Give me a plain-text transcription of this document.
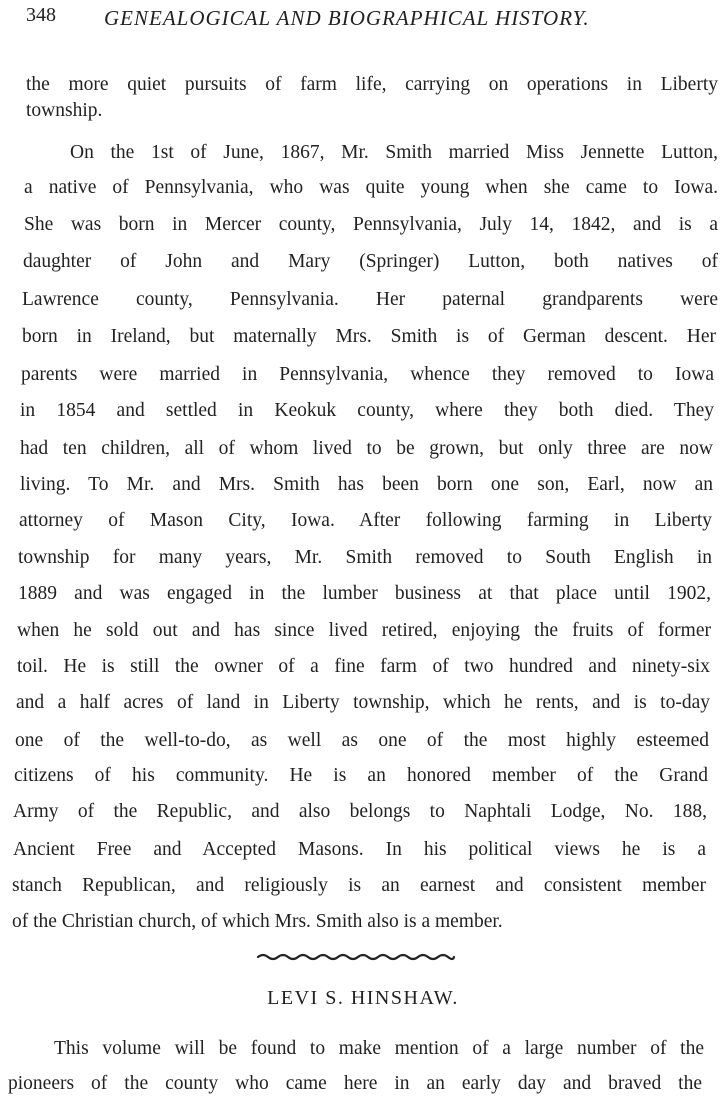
348 GENEALOGICAL AND BIOGRAPHICAL HISTORY.
the more quiet pursuits of farm life, carrying on operations in Liberty
township.
On the 1st of June, 1867, Mr. Smith married Miss Jennette Lutton,
a native of Pennsylvania, who was quite young when she came to Iowa.
She was born in Mercer county, Pennsylvania, July 14, 1842, and is a
daughter of John and Mary (Springer) Lutton, both natives of
Lawrence county, Pennsylvania. Her paternal grandparents were
born in Ireland, but maternally Mrs. Smith is of German descent. Her
parents were married in Pennsylvania, whence they removed to Iowa
in 1854 and settled in Keokuk county, where they both died. They
had ten children, all of whom lived to be grown, but only three are now
living. To Mr. and Mrs. Smith has been born one son, Earl, now an
attorney of Mason City, Iowa. After following farming in Liberty
township for many years, Mr. Smith removed to South English in
1889 and was engaged in the lumber business at that place until 1902,
when he sold out and has since lived retired, enjoying the fruits of former
toil. He is still the owner of a fine farm of two hundred and ninety-six
and a half acres of land in Liberty township, which he rents, and is to-day
one of the well-to-do, as well as one of the most highly esteemed
citizens of his community. He is an honored member of the Grand
Army of the Republic, and also belongs to Naphtali Lodge, No. 188,
Ancient Free and Accepted Masons. In his political views he is a
stanch Republican, and religiously is an earnest and consistent member
of the Christian church, of which Mrs. Smith also is a member.
LEVI S. HINSHAW.
This volume will be found to make mention of a large number of the
pioneers of the county who came here in an early day and braved the
